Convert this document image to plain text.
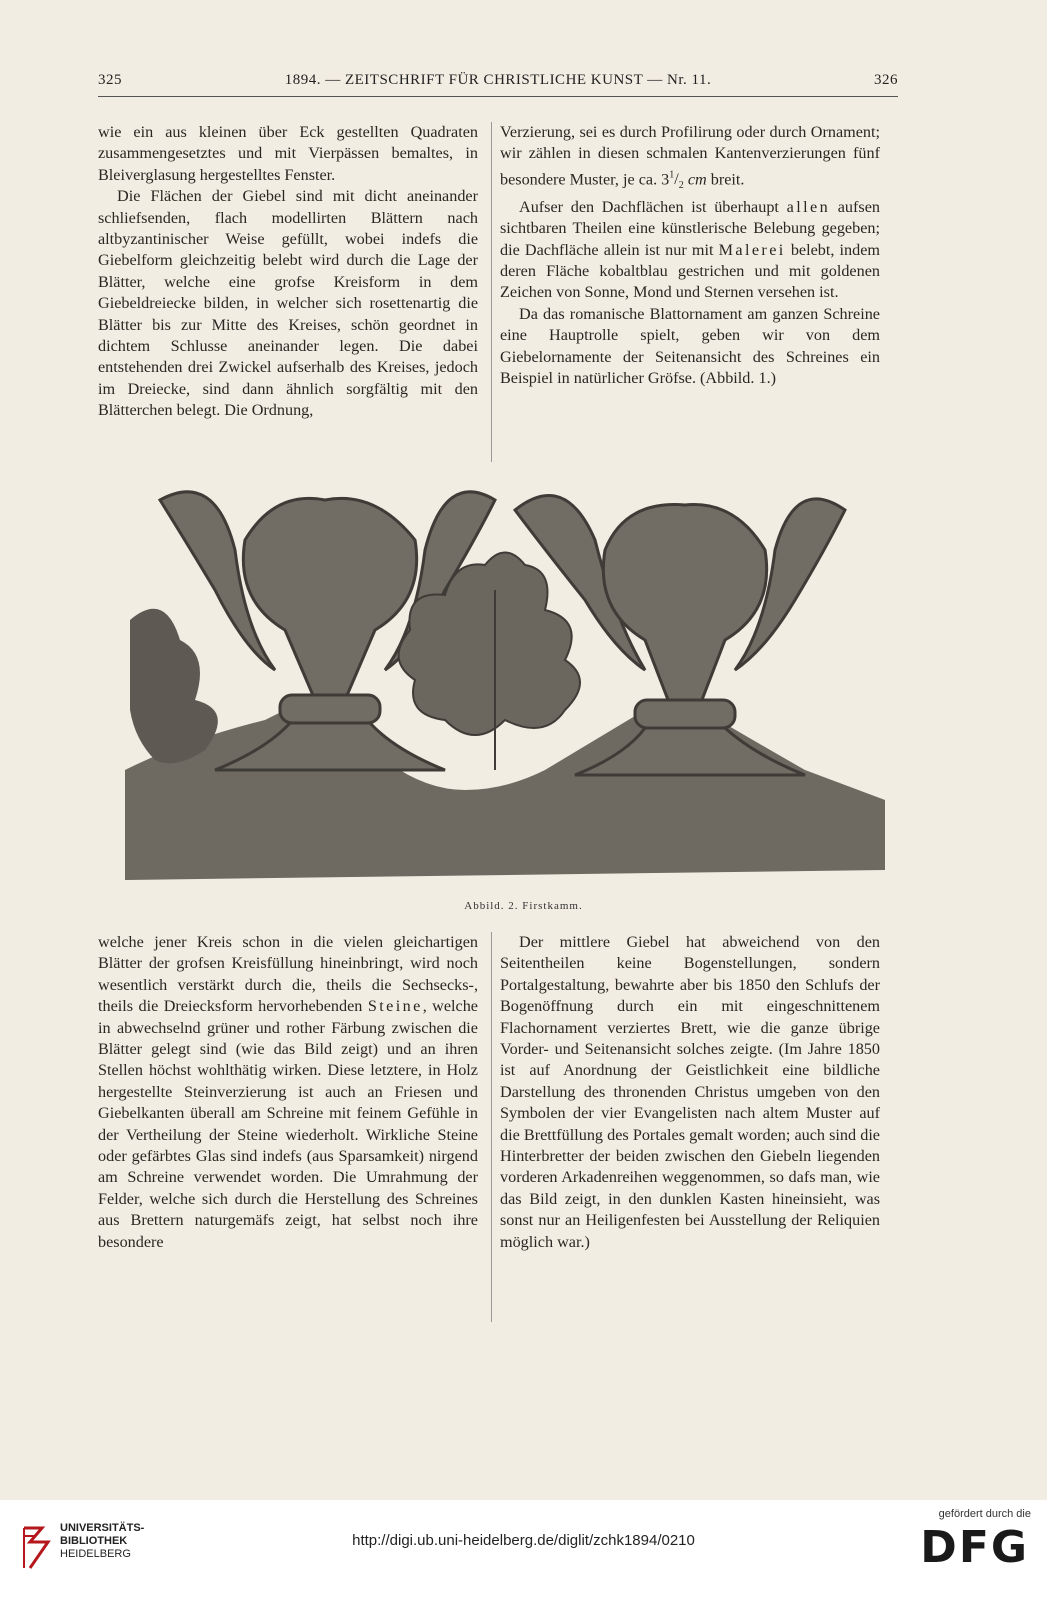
325	1894. — ZEITSCHRIFT FÜR CHRISTLICHE KUNST — Nr. 11.	326

wie ein aus kleinen über Eck gestellten Quadraten zusammengesetztes und mit Vierpässen bemaltes, in Bleiverglasung hergestelltes Fenster.

Die Flächen der Giebel sind mit dicht aneinander schliefsenden, flach modellirten Blättern nach altbyzantinischer Weise gefüllt, wobei indefs die Giebelform gleichzeitig belebt wird durch die Lage der Blätter, welche eine grofse Kreisform in dem Giebeldreiecke bilden, in welcher sich rosettenartig die Blätter bis zur Mitte des Kreises, schön geordnet in dichtem Schlusse aneinander legen. Die dabei entstehenden drei Zwickel aufserhalb des Kreises, jedoch im Dreiecke, sind dann ähnlich sorgfältig mit den Blätterchen belegt. Die Ordnung,

Verzierung, sei es durch Profilirung oder durch Ornament; wir zählen in diesen schmalen Kantenverzierungen fünf besondere Muster, je ca. $3^1/_2$ cm breit.

Aufser den Dachflächen ist überhaupt allen aufsen sichtbaren Theilen eine künstlerische Belebung gegeben; die Dachfläche allein ist nur mit Malerei belebt, indem deren Fläche kobaltblau gestrichen und mit goldenen Zeichen von Sonne, Mond und Sternen versehen ist.

Da das romanische Blattornament am ganzen Schreine eine Hauptrolle spielt, geben wir von dem Giebelornamente der Seitenansicht des Schreines ein Beispiel in natürlicher Gröfse. (Abbild. 1.)

Abbild. 2. Firstkamm.

welche jener Kreis schon in die vielen gleichartigen Blätter der grofsen Kreisfüllung hineinbringt, wird noch wesentlich verstärkt durch die, theils die Sechsecks-, theils die Dreiecksform hervorhebenden Steine, welche in abwechselnd grüner und rother Färbung zwischen die Blätter gelegt sind (wie das Bild zeigt) und an ihren Stellen höchst wohlthätig wirken. Diese letztere, in Holz hergestellte Steinverzierung ist auch an Friesen und Giebelkanten überall am Schreine mit feinem Gefühle in der Vertheilung der Steine wiederholt. Wirkliche Steine oder gefärbtes Glas sind indefs (aus Sparsamkeit) nirgend am Schreine verwendet worden. Die Umrahmung der Felder, welche sich durch die Herstellung des Schreines aus Brettern naturgemäfs zeigt, hat selbst noch ihre besondere

Der mittlere Giebel hat abweichend von den Seitentheilen keine Bogenstellungen, sondern Portalgestaltung, bewahrte aber bis 1850 den Schlufs der Bogenöffnung durch ein mit eingeschnittenem Flachornament verziertes Brett, wie die ganze übrige Vorder- und Seitenansicht solches zeigte. (Im Jahre 1850 ist auf Anordnung der Geistlichkeit eine bildliche Darstellung des thronenden Christus umgeben von den Symbolen der vier Evangelisten nach altem Muster auf die Brettfüllung des Portales gemalt worden; auch sind die Hinterbretter der beiden zwischen den Giebeln liegenden vorderen Arkadenreihen weggenommen, so dafs man, wie das Bild zeigt, in den dunklen Kasten hineinsieht, was sonst nur an Heiligenfesten bei Ausstellung der Reliquien möglich war.)

UNIVERSITÄTS-
BIBLIOTHEK
HEIDELBERG
http://digi.ub.uni-heidelberg.de/diglit/zchk1894/0210
gefördert durch die
DFG
